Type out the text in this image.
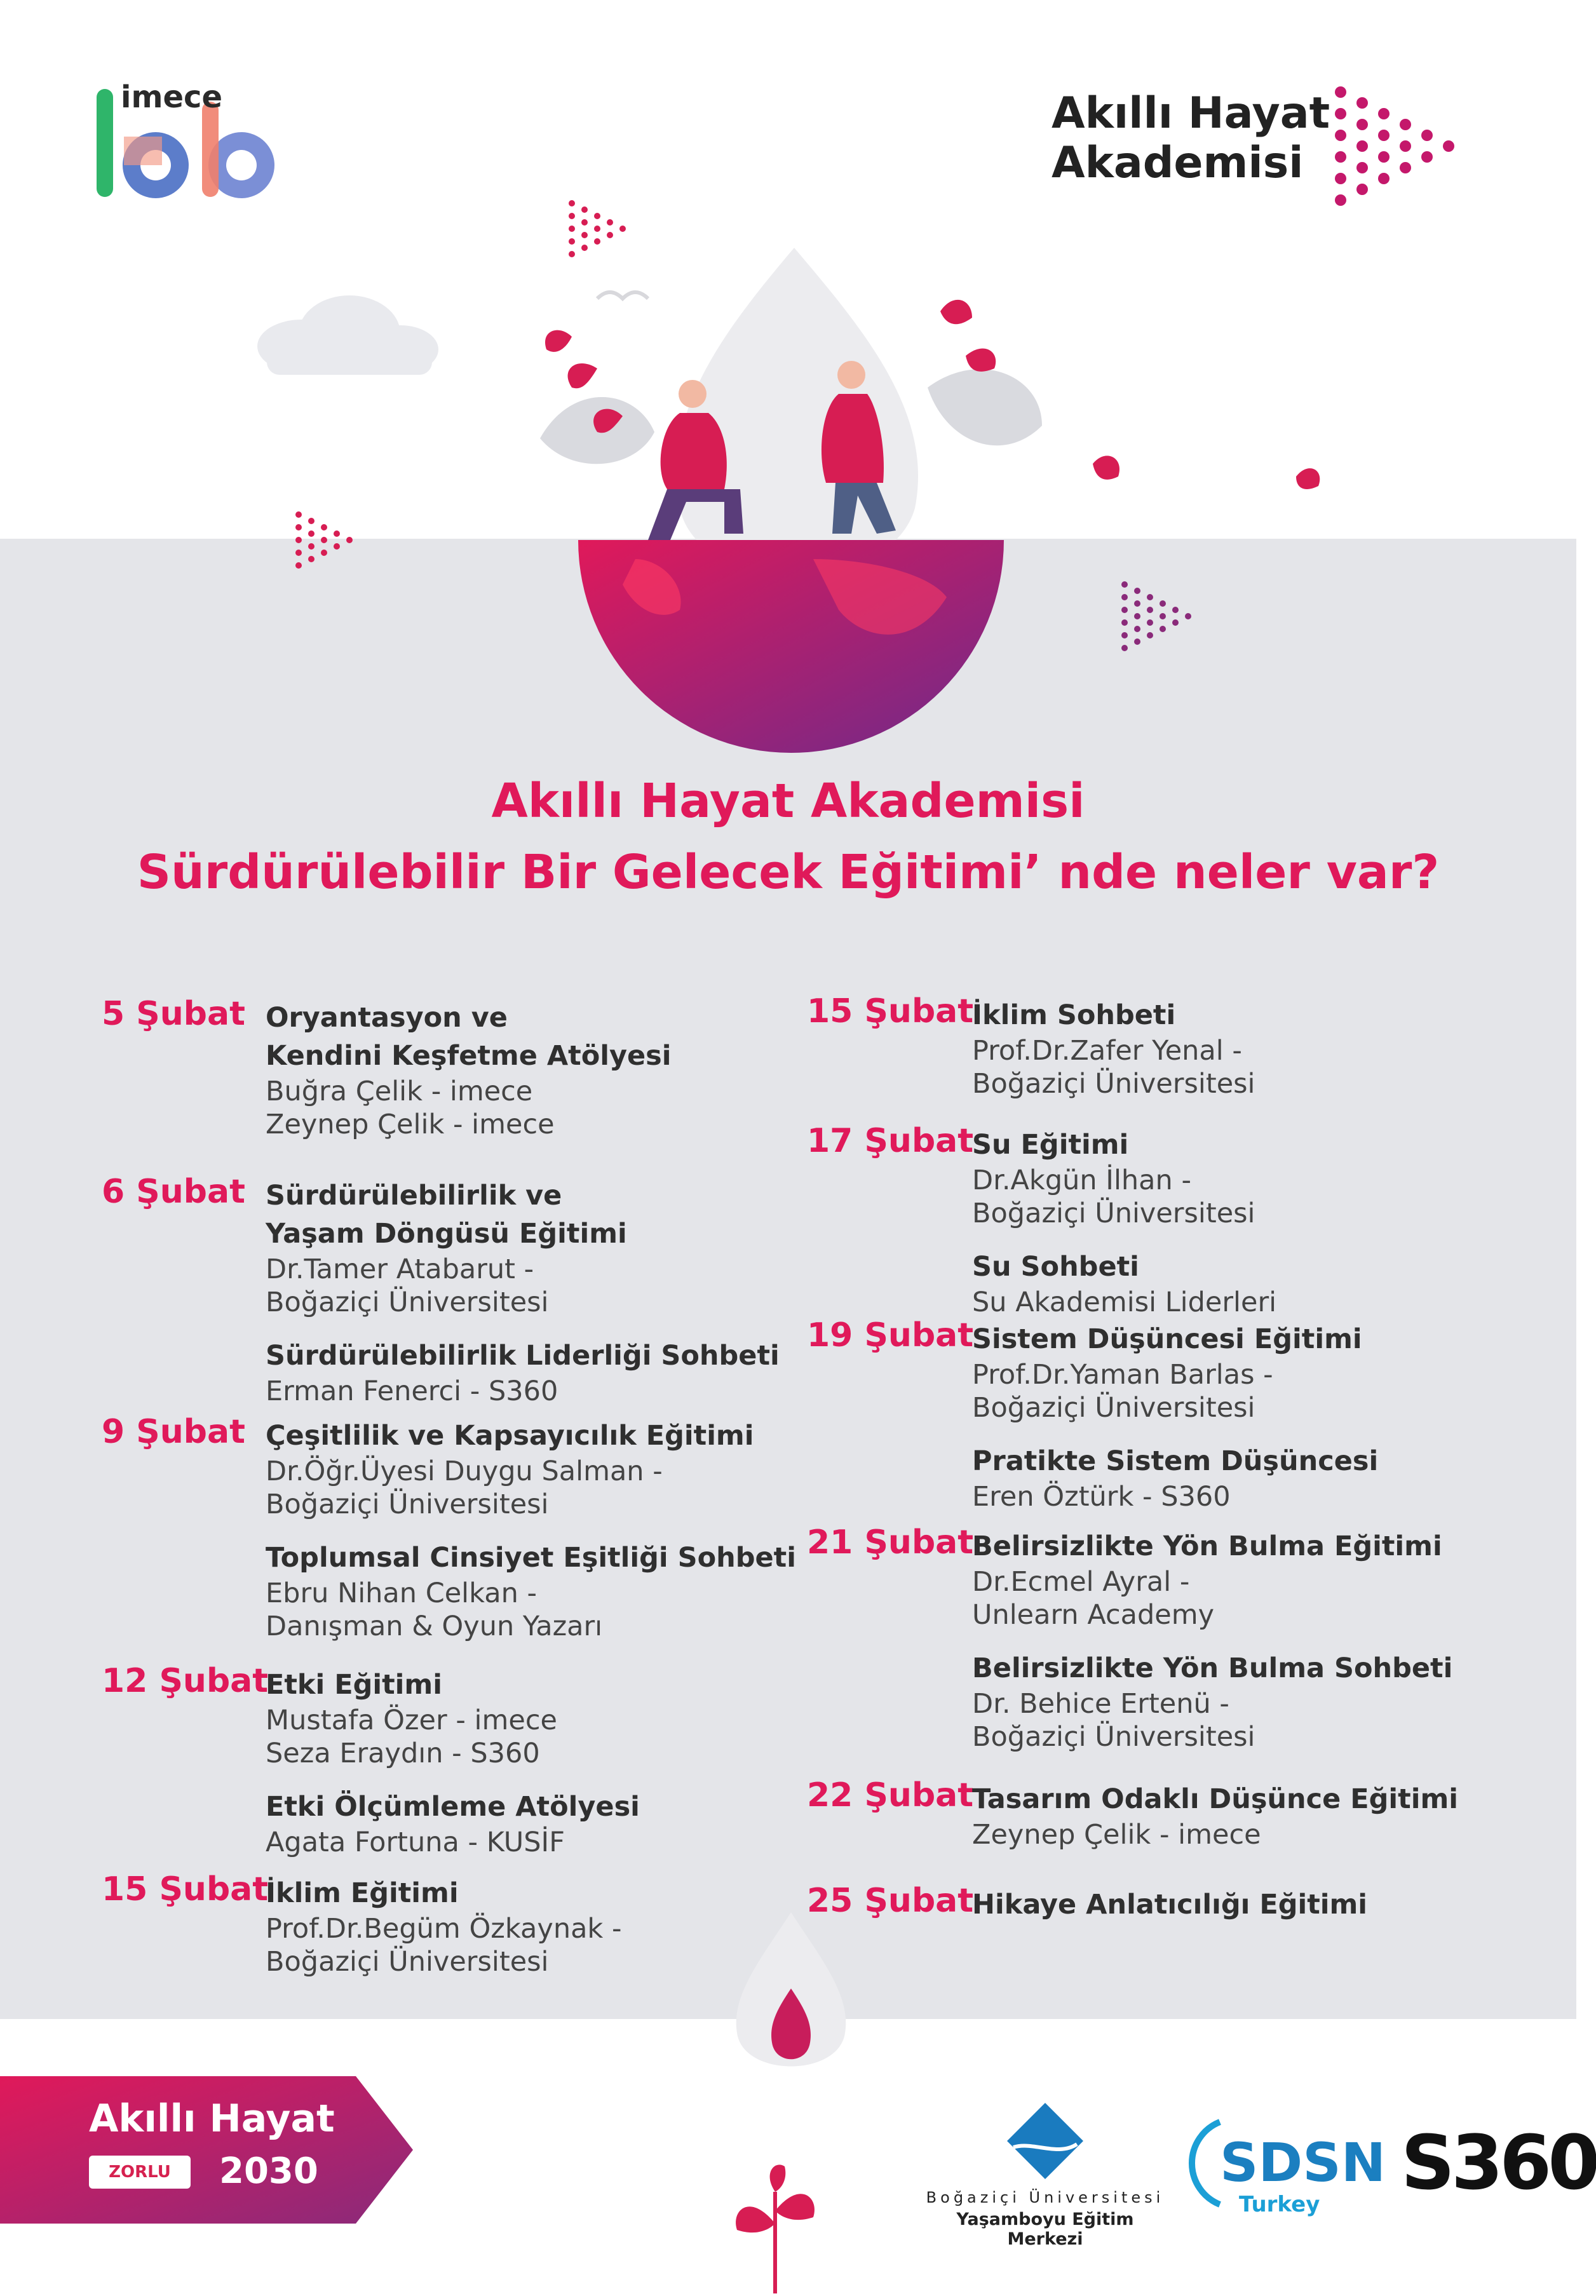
imece	Akıllı Hayat
Akademisi
Akıllı Hayat Akademisi
Sürdürülebilir Bir Gelecek Eğitimi’ nde neler var?
5 Şubat Oryantasyon ve
Kendini Keşfetme Atölyesi
Buğra Çelik - imece
Zeynep Çelik - imece
6 Şubat Sürdürülebilirlik ve
Yaşam Döngüsü Eğitimi
Dr.Tamer Atabarut -
Boğaziçi Üniversitesi
Sürdürülebilirlik Liderliği Sohbeti
Erman Fenerci - S360
9 Şubat Çeşitlilik ve Kapsayıcılık Eğitimi
Dr.Öğr.Üyesi Duygu Salman -
Boğaziçi Üniversitesi
Toplumsal Cinsiyet Eşitliği Sohbeti
Ebru Nihan Celkan -
Danışman & Oyun Yazarı
12 Şubat
Etki Eğitimi
Mustafa Özer - imece
Seza Eraydın - S360
Etki Ölçümleme Atölyesi
Agata Fortuna - KUSİF
15 Şubat
İklim Eğitimi
Prof.Dr.Begüm Özkaynak -
Boğaziçi Üniversitesi
15 Şubat
İklim Sohbeti
Prof.Dr.Zafer Yenal -
Boğaziçi Üniversitesi
17 Şubat
Su Eğitimi
Dr.Akgün İlhan -
Boğaziçi Üniversitesi
Su Sohbeti
Su Akademisi Liderleri
19 Şubat
Sistem Düşüncesi Eğitimi
Prof.Dr.Yaman Barlas -
Boğaziçi Üniversitesi
Pratikte Sistem Düşüncesi
Eren Öztürk - S360
21 Şubat
Belirsizlikte Yön Bulma Eğitimi
Dr.Ecmel Ayral -
Unlearn Academy
Belirsizlikte Yön Bulma Sohbeti
Dr. Behice Ertenü -
Boğaziçi Üniversitesi
22 Şubat
Tasarım Odaklı Düşünce Eğitimi
Zeynep Çelik - imece
25 Şubat
Hikaye Anlatıcılığı Eğitimi
Akıllı Hayat
ZORLU	2030
Boğaziçi Üniversitesi
Yaşamboyu Eğitim Merkezi
SDSN
Turkey S360
